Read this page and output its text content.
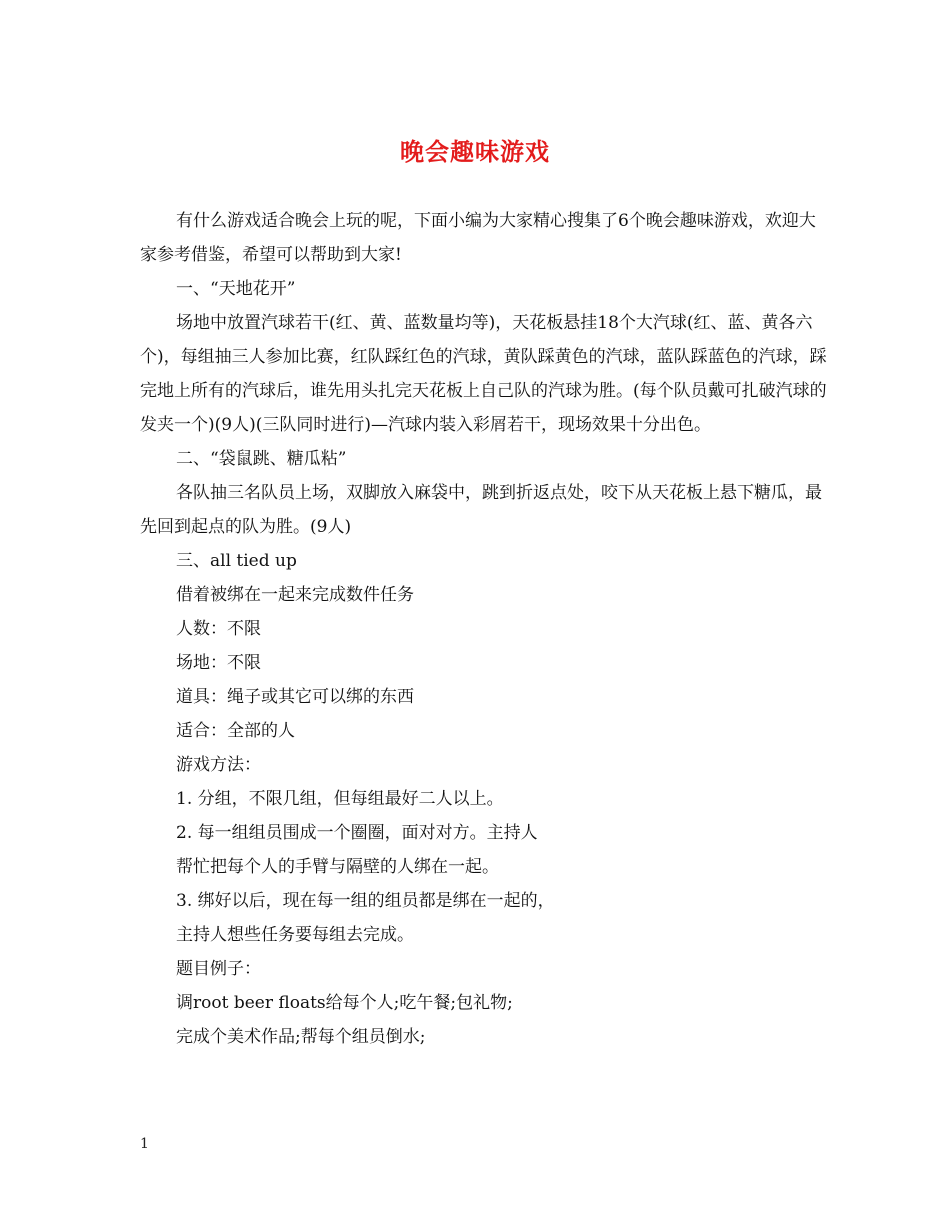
晚会趣味游戏

有什么游戏适合晚会上玩的呢，下面小编为大家精心搜集了6个晚会趣味游戏，欢迎大家参考借鉴，希望可以帮助到大家!

一、“天地花开”

场地中放置汽球若干(红、黄、蓝数量均等)，天花板悬挂18个大汽球(红、蓝、黄各六个)，每组抽三人参加比赛，红队踩红色的汽球，黄队踩黄色的汽球，蓝队踩蓝色的汽球，踩完地上所有的汽球后，谁先用头扎完天花板上自己队的汽球为胜。(每个队员戴可扎破汽球的发夹一个)(9人)(三队同时进行)—汽球内装入彩屑若干，现场效果十分出色。

二、“袋鼠跳、糖瓜粘”

各队抽三名队员上场，双脚放入麻袋中，跳到折返点处，咬下从天花板上悬下糖瓜，最先回到起点的队为胜。(9人)

三、all tied up

借着被绑在一起来完成数件任务

人数：不限

场地：不限

道具：绳子或其它可以绑的东西

适合：全部的人

游戏方法：

1. 分组，不限几组，但每组最好二人以上。

2. 每一组组员围成一个圈圈，面对对方。主持人

帮忙把每个人的手臂与隔壁的人绑在一起。

3. 绑好以后，现在每一组的组员都是绑在一起的，

主持人想些任务要每组去完成。

题目例子：

调root beer floats给每个人;吃午餐;包礼物;

完成个美术作品;帮每个组员倒水;

1
